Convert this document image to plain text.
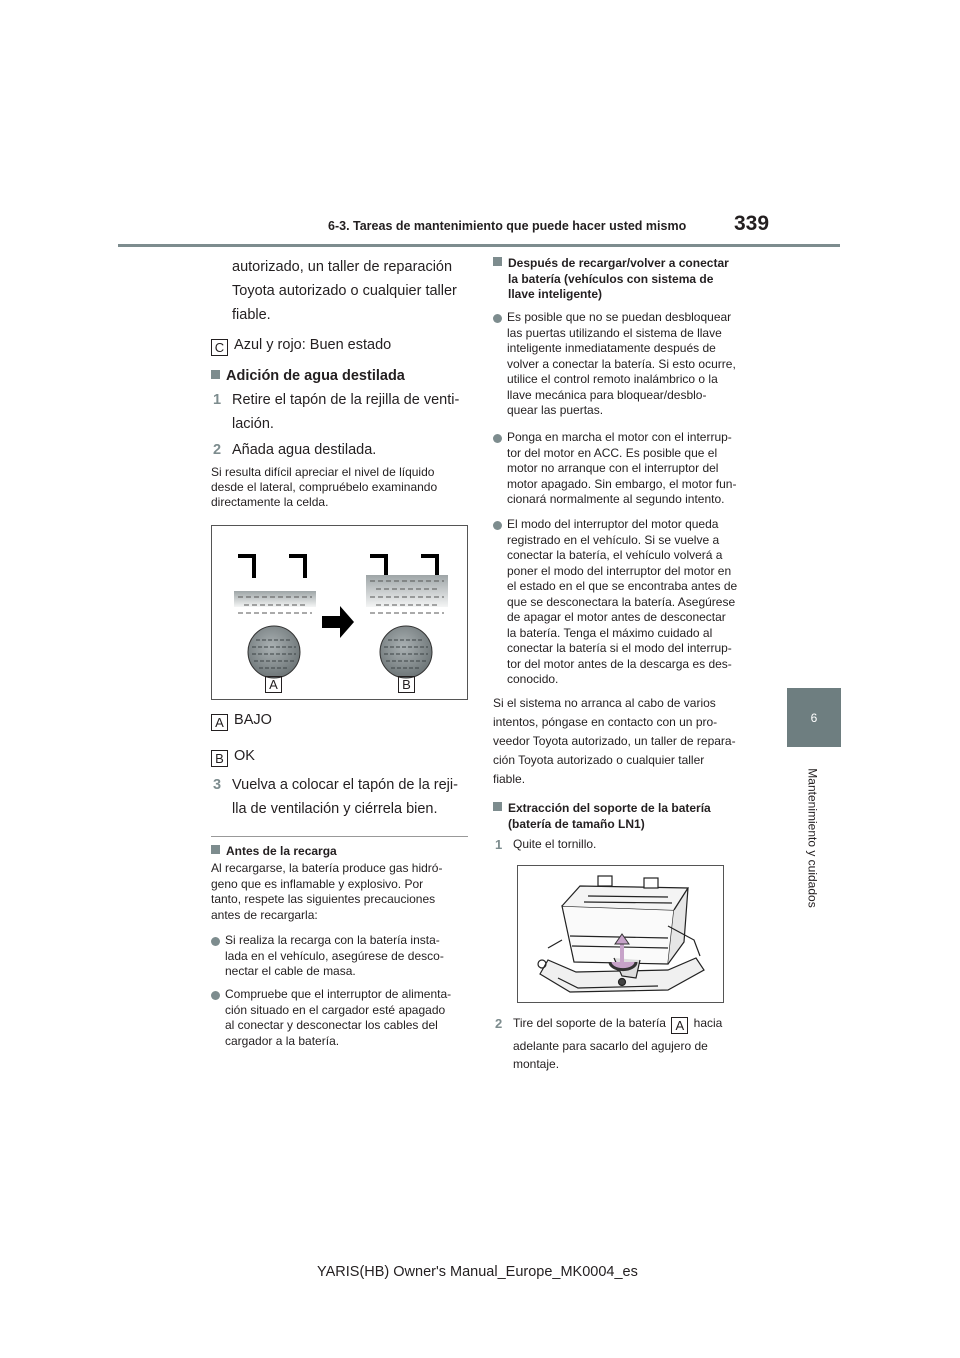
6-3. Tareas de mantenimiento que puede hacer usted mismo 339
6
Mantenimiento y cuidados
autorizado, un taller de reparación
Toyota autorizado o cualquier taller
fiable.
C Azul y rojo: Buen estado
Adición de agua destilada
1 Retire el tapón de la rejilla de venti-
lación.
2 Añada agua destilada.
Si resulta difícil apreciar el nivel de líquido
desde el lateral, compruébelo examinando
directamente la celda.
A	B
A BAJO
B OK
3 Vuelva a colocar el tapón de la reji-
lla de ventilación y ciérrela bien.
Antes de la recarga
Al recargarse, la batería produce gas hidró-
geno que es inflamable y explosivo. Por
tanto, respete las siguientes precauciones
antes de recargarla:
Si realiza la recarga con la batería insta-
lada en el vehículo, asegúrese de desco-
nectar el cable de masa.
Compruebe que el interruptor de alimenta-
ción situado en el cargador esté apagado
al conectar y desconectar los cables del
cargador a la batería.
Después de recargar/volver a conectar
la batería (vehículos con sistema de
llave inteligente)
Es posible que no se puedan desbloquear
las puertas utilizando el sistema de llave
inteligente inmediatamente después de
volver a conectar la batería. Si esto ocurre,
utilice el control remoto inalámbrico o la
llave mecánica para bloquear/desblo-
quear las puertas.
Ponga en marcha el motor con el interrup-
tor del motor en ACC. Es posible que el
motor no arranque con el interruptor del
motor apagado. Sin embargo, el motor fun-
cionará normalmente al segundo intento.
El modo del interruptor del motor queda
registrado en el vehículo. Si se vuelve a
conectar la batería, el vehículo volverá a
poner el modo del interruptor del motor en
el estado en el que se encontraba antes de
que se desconectara la batería. Asegúrese
de apagar el motor antes de desconectar
la batería. Tenga el máximo cuidado al
conectar la batería si el modo del interrup-
tor del motor antes de la descarga es des-
conocido.
Si el sistema no arranca al cabo de varios
intentos, póngase en contacto con un pro-
veedor Toyota autorizado, un taller de repara-
ción Toyota autorizado o cualquier taller
fiable.
Extracción del soporte de la batería
(batería de tamaño LN1)
1 Quite el tornillo.
2 Tire del soporte de la batería A hacia
adelante para sacarlo del agujero de
montaje.
YARIS(HB) Owner's Manual_Europe_MK0004_es
